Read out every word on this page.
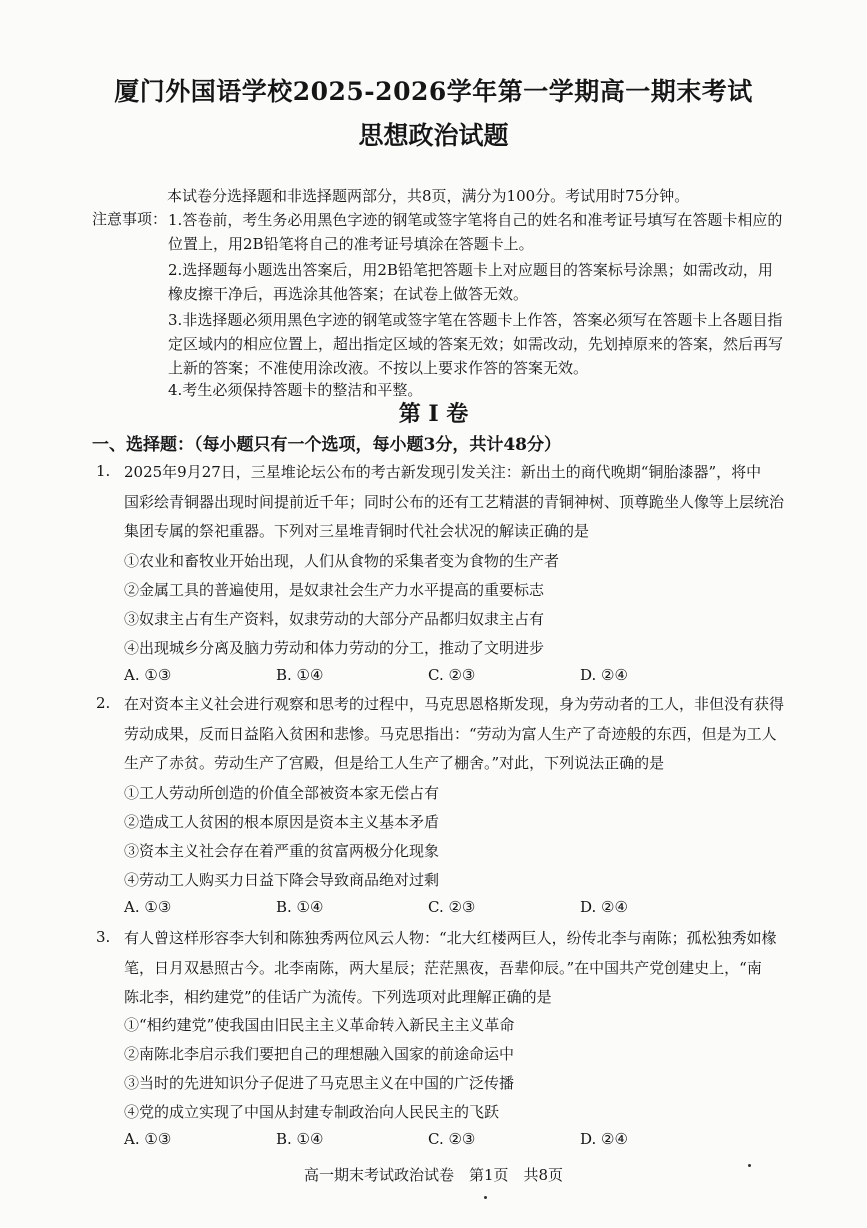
厦门外国语学校2025-2026学年第一学期高一期末考试
思想政治试题
本试卷分选择题和非选择题两部分，共8页，满分为100分。考试用时75分钟。
注意事项： 1.答卷前，考生务必用黑色字迹的钢笔或签字笔将自己的姓名和准考证号填写在答题卡相应的
位置上，用2B铅笔将自己的准考证号填涂在答题卡上。
2.选择题每小题选出答案后，用2B铅笔把答题卡上对应题目的答案标号涂黑；如需改动，用
橡皮擦干净后，再选涂其他答案；在试卷上做答无效。
3.非选择题必须用黑色字迹的钢笔或签字笔在答题卡上作答，答案必须写在答题卡上各题目指
定区域内的相应位置上，超出指定区域的答案无效；如需改动，先划掉原来的答案，然后再写
上新的答案；不准使用涂改液。不按以上要求作答的答案无效。
4.考生必须保持答题卡的整洁和平整。
第 I 卷
一、选择题：（每小题只有一个选项，每小题3分，共计48分）
1. 2025年9月27日，三星堆论坛公布的考古新发现引发关注：新出土的商代晚期“铜胎漆器”，将中
国彩绘青铜器出现时间提前近千年；同时公布的还有工艺精湛的青铜神树、顶尊跪坐人像等上层统治
集团专属的祭祀重器。下列对三星堆青铜时代社会状况的解读正确的是
①农业和畜牧业开始出现，人们从食物的采集者变为食物的生产者
②金属工具的普遍使用，是奴隶社会生产力水平提高的重要标志
③奴隶主占有生产资料，奴隶劳动的大部分产品都归奴隶主占有
④出现城乡分离及脑力劳动和体力劳动的分工，推动了文明进步
A. ①③	B. ①④	C. ②③	D. ②④
2. 在对资本主义社会进行观察和思考的过程中，马克思恩格斯发现，身为劳动者的工人，非但没有获得
劳动成果，反而日益陷入贫困和悲惨。马克思指出：“劳动为富人生产了奇迹般的东西，但是为工人
生产了赤贫。劳动生产了宫殿，但是给工人生产了棚舍。”对此，下列说法正确的是
①工人劳动所创造的价值全部被资本家无偿占有
②造成工人贫困的根本原因是资本主义基本矛盾
③资本主义社会存在着严重的贫富两极分化现象
④劳动工人购买力日益下降会导致商品绝对过剩
A. ①③	B. ①④	C. ②③	D. ②④
3. 有人曾这样形容李大钊和陈独秀两位风云人物：“北大红楼两巨人，纷传北李与南陈；孤松独秀如椽
笔，日月双悬照古今。北李南陈，两大星辰；茫茫黑夜，吾辈仰辰。”在中国共产党创建史上，“南
陈北李，相约建党”的佳话广为流传。下列选项对此理解正确的是
①“相约建党”使我国由旧民主主义革命转入新民主主义革命
②南陈北李启示我们要把自己的理想融入国家的前途命运中
③当时的先进知识分子促进了马克思主义在中国的广泛传播
④党的成立实现了中国从封建专制政治向人民民主的飞跃
A. ①③	B. ①④	C. ②③	D. ②④
高一期末考试政治试卷　第1页　共8页
